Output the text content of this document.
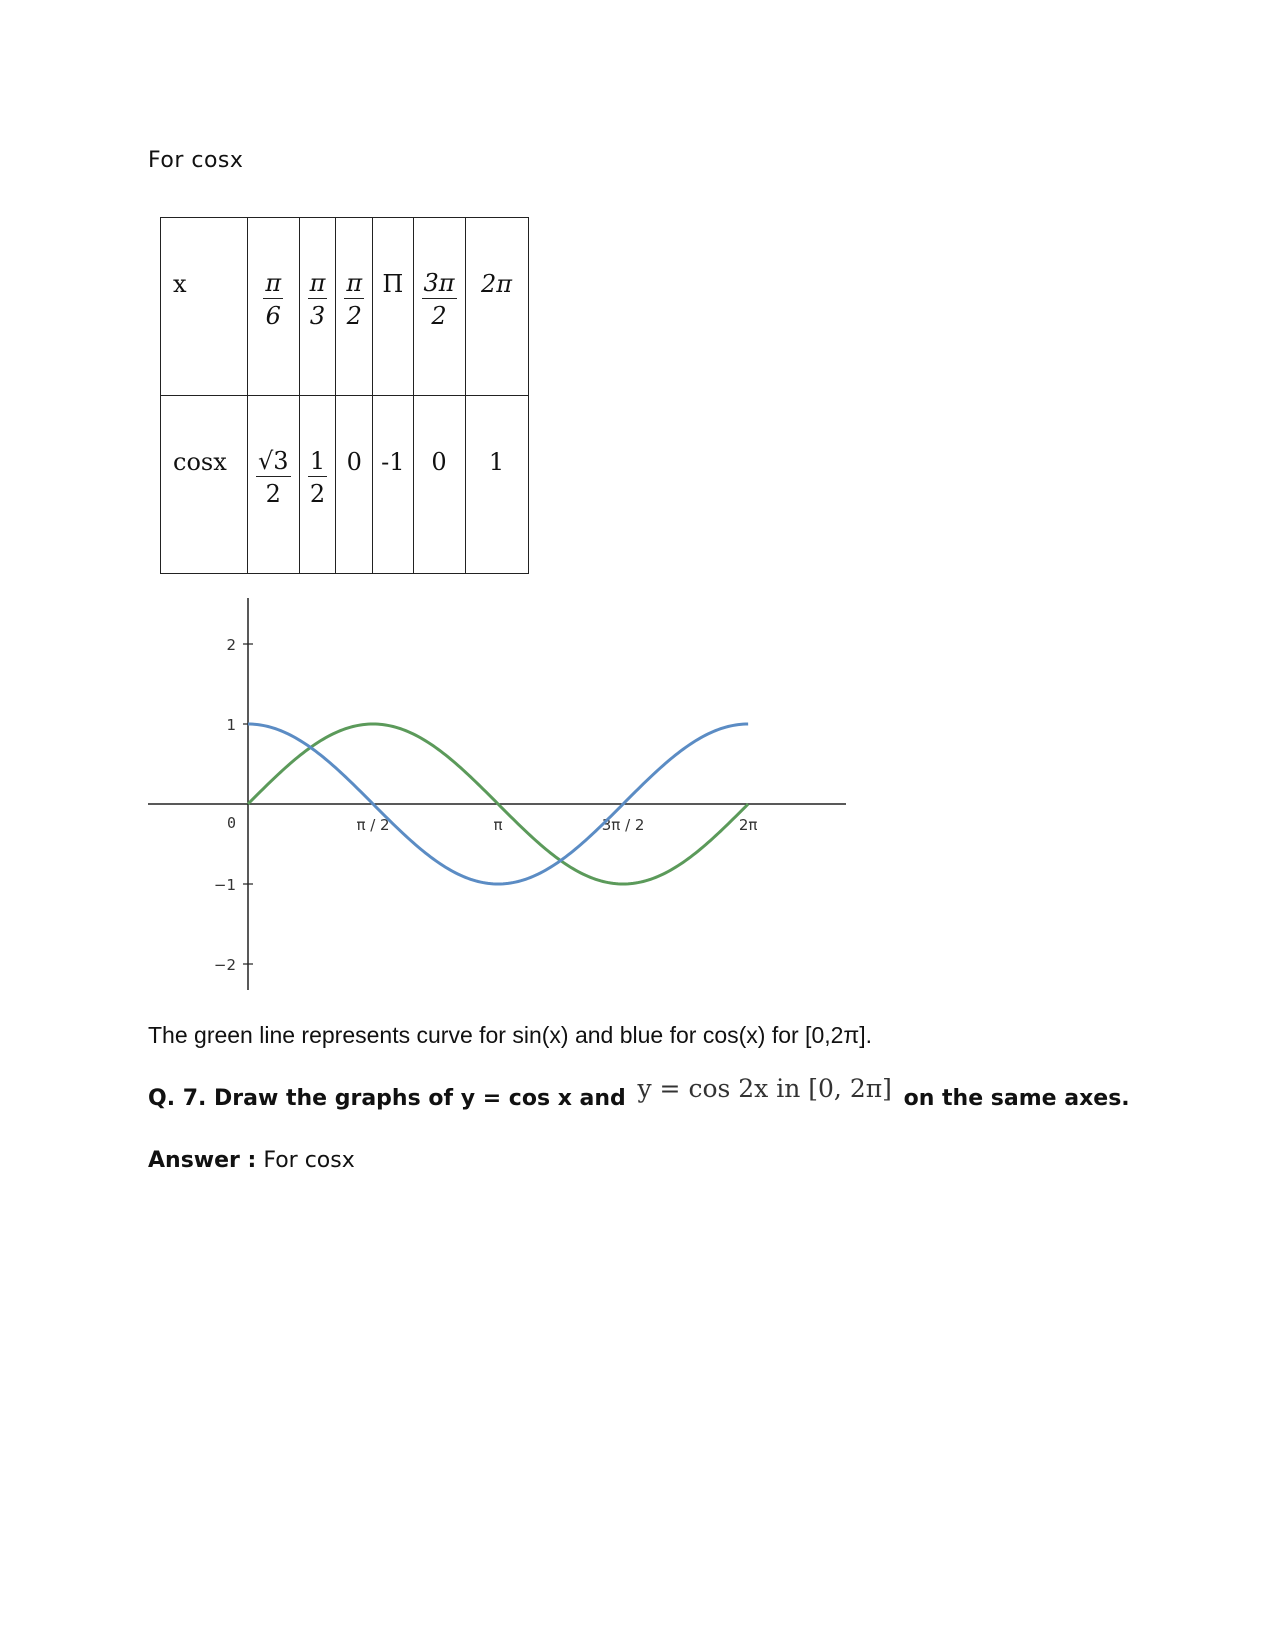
For cosx
x	$\frac{\pi}{6}$	$\frac{\pi}{3}$	$\frac{\pi}{2}$	Π	$\frac{3\pi}{2}$	2π
cosx	$\frac{√3}{2}$	$\frac{1}{2}$	0	-1	0	1
2
1
0
−1
−2
π / 2	π	3π / 2	2π
The green line represents curve for sin(x) and blue for cos(x) for [0,2π].
Q. 7. Draw the graphs of y = cos x and y = cos 2x in [0, 2π] on the same axes.
Answer : For cosx
